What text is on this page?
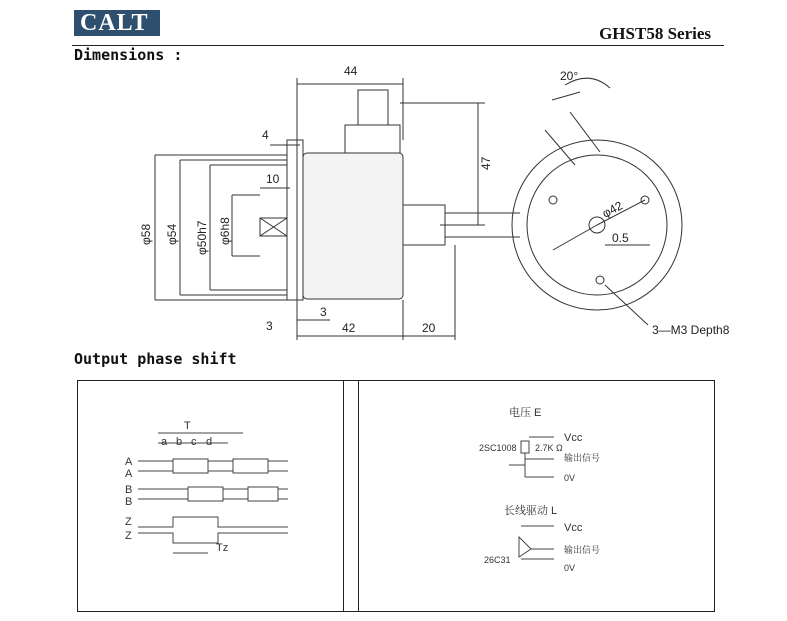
CALT	GHST58 Series
Dimensions :
44
4
47
10
φ58 φ54 φ50h7 φ6h8
3
3
42	20
20°
φ42
0.5
3—M3 Depth8
Output phase shift
T
a b c d
A
A
B
B
Z
Z
Tz
电压 E
Vcc
2SC1008 2.7K Ω
输出信号
0V
长线驱动 L
Vcc
输出信号
26C31
0V
